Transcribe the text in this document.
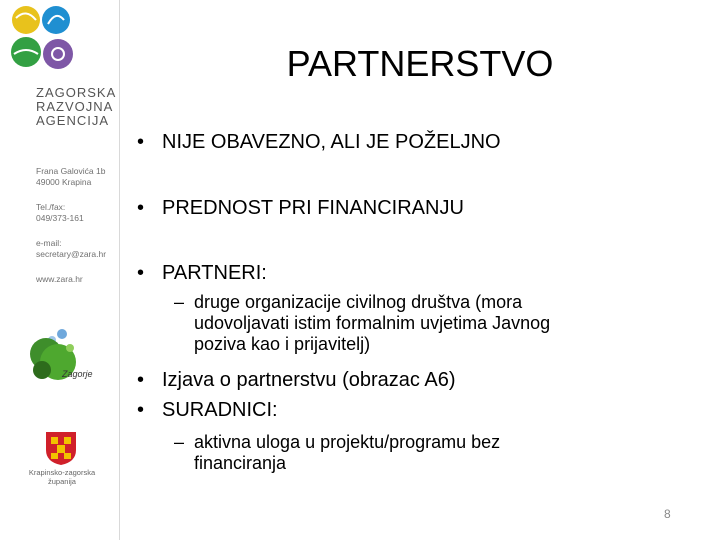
ZAGORSKA
RAZVOJNA
AGENCIJA
Frana Galovića 1b
49000 Krapina
Tel./fax:
049/373-161
e-mail:
secretary@zara.hr
www.zara.hr
Zagorje
Krapinsko-zagorska
županija
PARTNERSTVO
• NIJE OBAVEZNO, ALI JE POŽELJNO
• PREDNOST PRI FINANCIRANJU
• PARTNERI:
– druge organizacije civilnog društva (mora
udovoljavati istim formalnim uvjetima Javnog
poziva kao i prijavitelj)
• Izjava o partnerstvu (obrazac A6)
• SURADNICI:
– aktivna uloga u projektu/programu bez
financiranja
8
